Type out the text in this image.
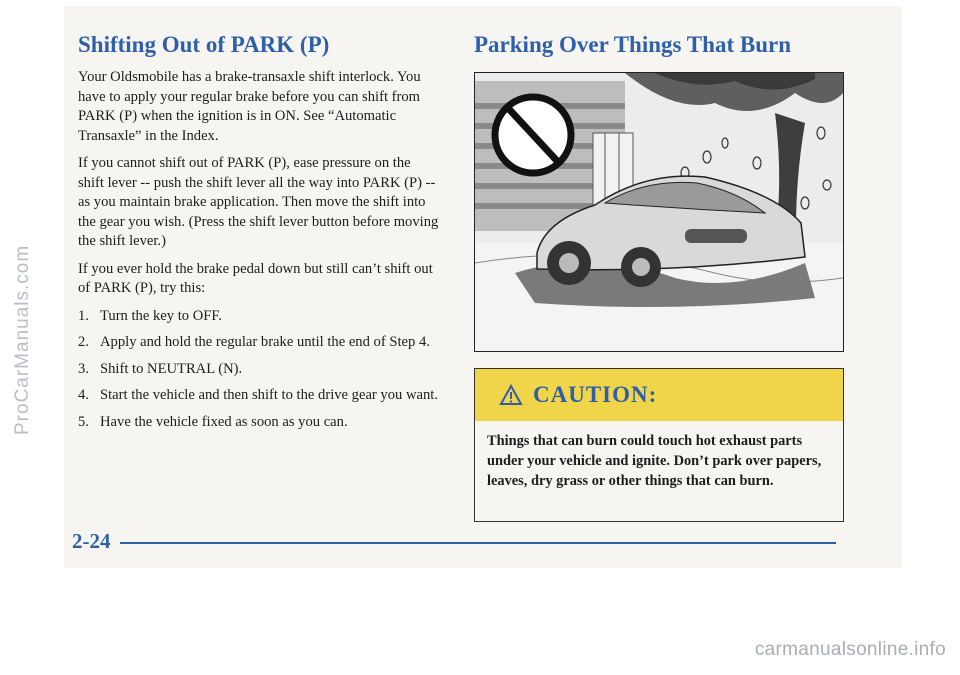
ProCarManuals.com
Shifting Out of PARK (P)

Your Oldsmobile has a brake-transaxle shift interlock. You have to apply your regular brake before you can shift from PARK (P) when the ignition is in ON. See “Automatic Transaxle” in the Index.

If you cannot shift out of PARK (P), ease pressure on the shift lever -- push the shift lever all the way into PARK (P) -- as you maintain brake application. Then move the shift into the gear you wish. (Press the shift lever button before moving the shift lever.)

If you ever hold the brake pedal down but still can’t shift out of PARK (P), try this:

1. Turn the key to OFF.
2. Apply and hold the regular brake until the end of Step 4.
3. Shift to NEUTRAL (N).
4. Start the vehicle and then shift to the drive gear you want.
5. Have the vehicle fixed as soon as you can.
Parking Over Things That Burn
CAUTION:
Things that can burn could touch hot exhaust parts under your vehicle and ignite. Don’t park over papers, leaves, dry grass or other things that can burn.
2-24
carmanualsonline.info
